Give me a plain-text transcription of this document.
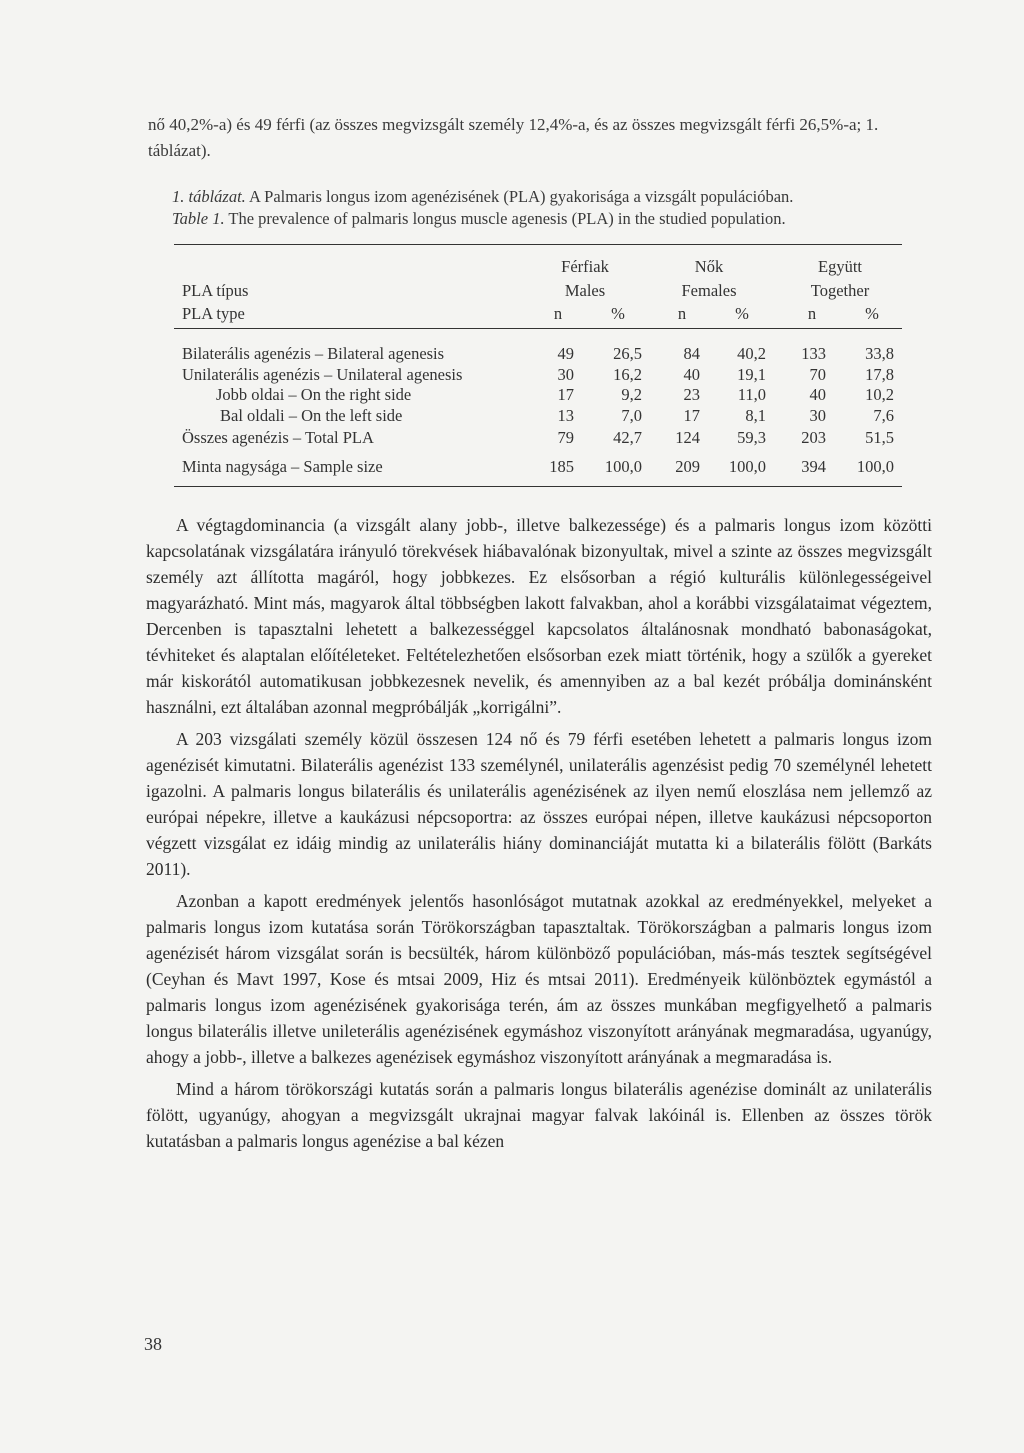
nő 40,2%-a) és 49 férfi (az összes megvizsgált személy 12,4%-a, és az összes megvizsgált férfi 26,5%-a; 1. táblázat).
1. táblázat. A Palmaris longus izom agenézisének (PLA) gyakorisága a vizsgált populációban.
Table 1. The prevalence of palmaris longus muscle agenesis (PLA) in the studied population.
Férfiak	Nők	Együtt
PLA típus	Males	Females	Together
PLA type	n	%	n	%	n	%
Bilaterális agenézis – Bilateral agenesis	49	26,5	84	40,2	133	33,8
Unilaterális agenézis – Unilateral agenesis	30	16,2	40	19,1	70	17,8
Jobb oldai – On the right side	17	9,2	23	11,0	40	10,2
Bal oldali – On the left side	13	7,0	17	8,1	30	7,6
Összes agenézis – Total PLA	79	42,7	124	59,3	203	51,5
Minta nagysága – Sample size	185	100,0	209	100,0	394	100,0

A végtagdominancia (a vizsgált alany jobb-, illetve balkezessége) és a palmaris longus izom közötti kapcsolatának vizsgálatára irányuló törekvések hiábavalónak bizonyultak, mivel a szinte az összes megvizsgált személy azt állította magáról, hogy jobbkezes. Ez elsősorban a régió kulturális különlegességeivel magyarázható. Mint más, magyarok által többségben lakott falvakban, ahol a korábbi vizsgálataimat végeztem, Dercenben is tapasztalni lehetett a balkezességgel kapcsolatos általánosnak mondható babonaságokat, tévhiteket és alaptalan előítéleteket. Feltételezhetően elsősorban ezek miatt történik, hogy a szülők a gyereket már kiskorától automatikusan jobbkezesnek nevelik, és amennyiben az a bal kezét próbálja dominánsként használni, ezt általában azonnal megpróbálják „korrigálni”.

A 203 vizsgálati személy közül összesen 124 nő és 79 férfi esetében lehetett a palmaris longus izom agenézisét kimutatni. Bilaterális agenézist 133 személynél, unilaterális agenzésist pedig 70 személynél lehetett igazolni. A palmaris longus bilaterális és unilaterális agenézisének az ilyen nemű eloszlása nem jellemző az európai népekre, illetve a kaukázusi népcsoportra: az összes európai népen, illetve kaukázusi népcsoporton végzett vizsgálat ez idáig mindig az unilaterális hiány dominanciáját mutatta ki a bilaterális fölött (Barkáts 2011).

Azonban a kapott eredmények jelentős hasonlóságot mutatnak azokkal az eredményekkel, melyeket a palmaris longus izom kutatása során Törökországban tapasztaltak. Törökországban a palmaris longus izom agenézisét három vizsgálat során is becsülték, három különböző populációban, más-más tesztek segítségével (Ceyhan és Mavt 1997, Kose és mtsai 2009, Hiz és mtsai 2011). Eredményeik különböztek egymástól a palmaris longus izom agenézisének gyakorisága terén, ám az összes munkában megfigyelhető a palmaris longus bilaterális illetve unileterális agenézisének egymáshoz viszonyított arányának megmaradása, ugyanúgy, ahogy a jobb-, illetve a balkezes agenézisek egymáshoz viszonyított arányának a megmaradása is.

Mind a három törökországi kutatás során a palmaris longus bilaterális agenézise dominált az unilaterális fölött, ugyanúgy, ahogyan a megvizsgált ukrajnai magyar falvak lakóinál is. Ellenben az összes török kutatásban a palmaris longus agenézise a bal kézen

38
